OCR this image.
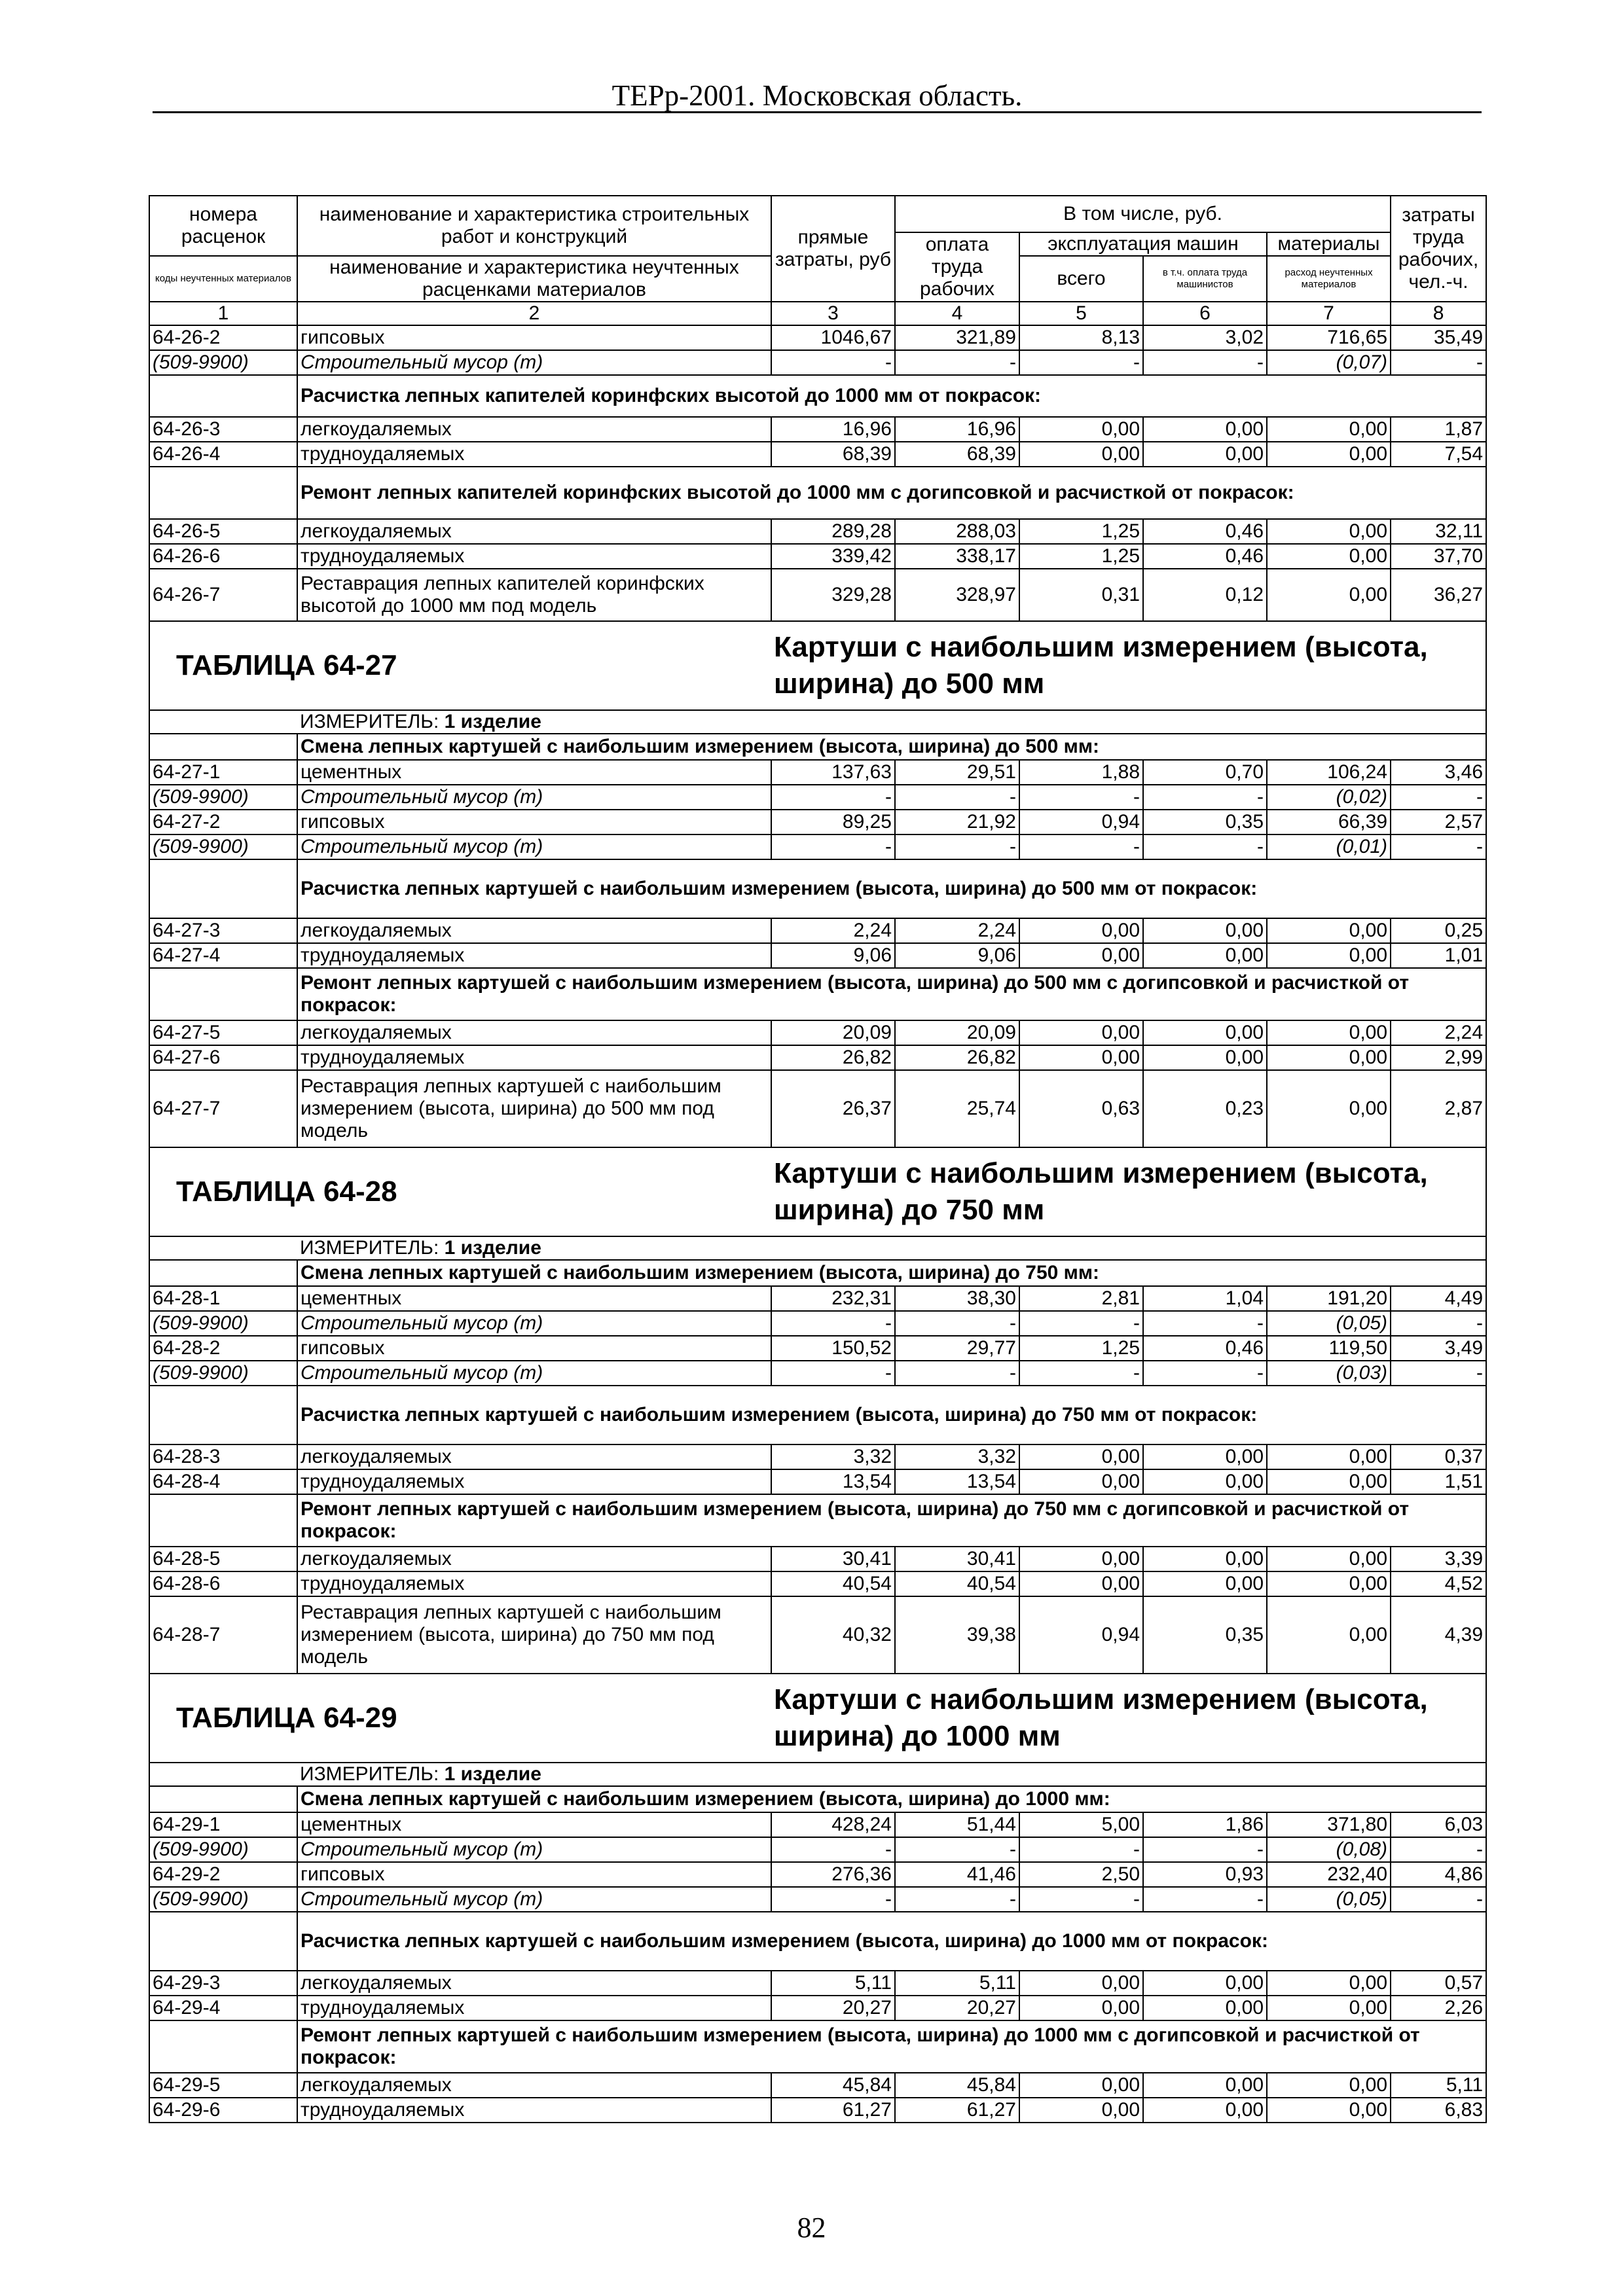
ТЕРр-2001. Московская область.
номера расценок	наименование и характеристика строительных работ и конструкций	прямые затраты, руб	В том числе, руб.				затраты труда рабочих, чел.-ч.
			оплата труда рабочих	эксплуатация машин		материалы	
коды неучтенных материалов	наименование и характеристика неучтенных расценками материалов			всего	в т.ч. оплата труда машинистов	расход неучтенных материалов	

1	2	3	4	5	6	7	8
64-26-2	гипсовых	1046,67	321,89	8,13	3,02	716,65	35,49
(509-9900)	Строительный мусор (т)	-	-	-	-	(0,07)	-
	Расчистка лепных капителей коринфских высотой до 1000 мм от покрасок:						
64-26-3	легкоудаляемых	16,96	16,96	0,00	0,00	0,00	1,87
64-26-4	трудноудаляемых	68,39	68,39	0,00	0,00	0,00	7,54
	Ремонт лепных капителей коринфских высотой до 1000 мм с догипсовкой и расчисткой от покрасок:						
64-26-5	легкоудаляемых	289,28	288,03	1,25	0,46	0,00	32,11
64-26-6	трудноудаляемых	339,42	338,17	1,25	0,46	0,00	37,70
64-26-7	Реставрация лепных капителей коринфских высотой до 1000 мм под модель	329,28	328,97	0,31	0,12	0,00	36,27
ТАБЛИЦА 64-27		Картуши с наибольшим измерением (высота, ширина) до 500 мм					
	ИЗМЕРИТЕЛЬ: 1 изделие						
	Смена лепных картушей с наибольшим измерением (высота, ширина) до 500 мм:						
64-27-1	цементных	137,63	29,51	1,88	0,70	106,24	3,46
(509-9900)	Строительный мусор (т)	-	-	-	-	(0,02)	-
64-27-2	гипсовых	89,25	21,92	0,94	0,35	66,39	2,57
(509-9900)	Строительный мусор (т)	-	-	-	-	(0,01)	-
	Расчистка лепных картушей с наибольшим измерением (высота, ширина) до 500 мм от покрасок:						
64-27-3	легкоудаляемых	2,24	2,24	0,00	0,00	0,00	0,25
64-27-4	трудноудаляемых	9,06	9,06	0,00	0,00	0,00	1,01
	Ремонт лепных картушей с наибольшим измерением (высота, ширина) до 500 мм с догипсовкой и расчисткой от покрасок:						
64-27-5	легкоудаляемых	20,09	20,09	0,00	0,00	0,00	2,24
64-27-6	трудноудаляемых	26,82	26,82	0,00	0,00	0,00	2,99
64-27-7	Реставрация лепных картушей с наибольшим измерением (высота, ширина) до 500 мм под модель	26,37	25,74	0,63	0,23	0,00	2,87
ТАБЛИЦА 64-28		Картуши с наибольшим измерением (высота, ширина) до 750 мм					
	ИЗМЕРИТЕЛЬ: 1 изделие						
	Смена лепных картушей с наибольшим измерением (высота, ширина) до 750 мм:						
64-28-1	цементных	232,31	38,30	2,81	1,04	191,20	4,49
(509-9900)	Строительный мусор (т)	-	-	-	-	(0,05)	-
64-28-2	гипсовых	150,52	29,77	1,25	0,46	119,50	3,49
(509-9900)	Строительный мусор (т)	-	-	-	-	(0,03)	-
	Расчистка лепных картушей с наибольшим измерением (высота, ширина) до 750 мм от покрасок:						
64-28-3	легкоудаляемых	3,32	3,32	0,00	0,00	0,00	0,37
64-28-4	трудноудаляемых	13,54	13,54	0,00	0,00	0,00	1,51
	Ремонт лепных картушей с наибольшим измерением (высота, ширина) до 750 мм с догипсовкой и расчисткой от покрасок:						
64-28-5	легкоудаляемых	30,41	30,41	0,00	0,00	0,00	3,39
64-28-6	трудноудаляемых	40,54	40,54	0,00	0,00	0,00	4,52
64-28-7	Реставрация лепных картушей с наибольшим измерением (высота, ширина) до 750 мм под модель	40,32	39,38	0,94	0,35	0,00	4,39
ТАБЛИЦА 64-29		Картуши с наибольшим измерением (высота, ширина) до 1000 мм					
	ИЗМЕРИТЕЛЬ: 1 изделие						
	Смена лепных картушей с наибольшим измерением (высота, ширина) до 1000 мм:						
64-29-1	цементных	428,24	51,44	5,00	1,86	371,80	6,03
(509-9900)	Строительный мусор (т)	-	-	-	-	(0,08)	-
64-29-2	гипсовых	276,36	41,46	2,50	0,93	232,40	4,86
(509-9900)	Строительный мусор (т)	-	-	-	-	(0,05)	-
	Расчистка лепных картушей с наибольшим измерением (высота, ширина) до 1000 мм от покрасок:						
64-29-3	легкоудаляемых	5,11	5,11	0,00	0,00	0,00	0,57
64-29-4	трудноудаляемых	20,27	20,27	0,00	0,00	0,00	2,26
	Ремонт лепных картушей с наибольшим измерением (высота, ширина) до 1000 мм с догипсовкой и расчисткой от покрасок:						
64-29-5	легкоудаляемых	45,84	45,84	0,00	0,00	0,00	5,11
64-29-6	трудноудаляемых	61,27	61,27	0,00	0,00	0,00	6,83
82
